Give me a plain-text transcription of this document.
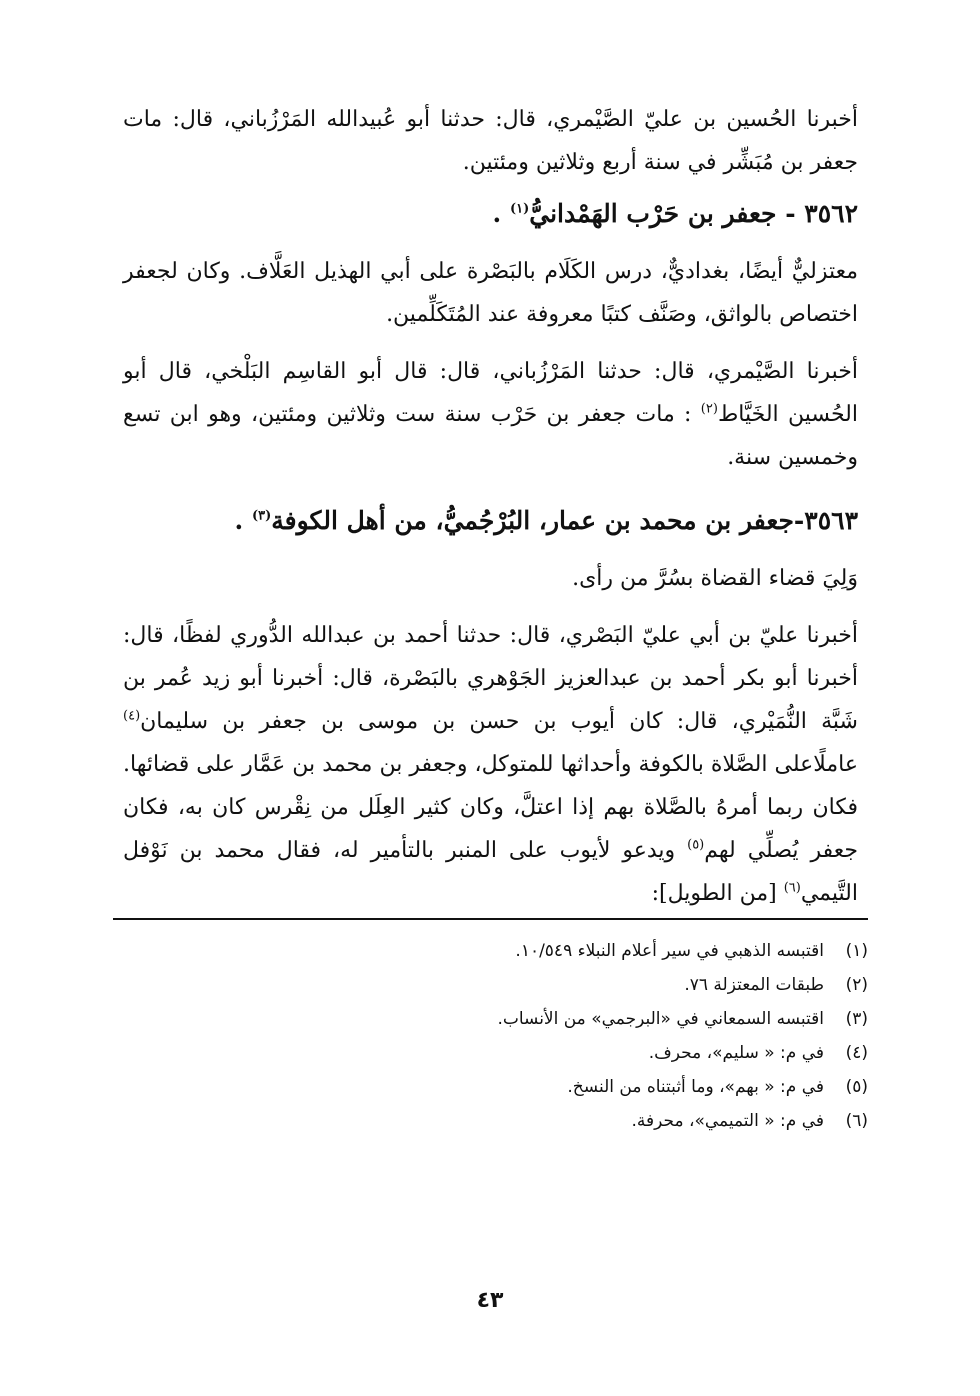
أخبرنا الحُسين بن عليّ الصَّيْمري، قال: حدثنا أبو عُبيدالله المَرْزُباني، قال: مات جعفر بن مُبَشِّر في سنة أربع وثلاثين ومئتين.

٣٥٦٢ - جعفر بن حَرْب الهَمْدانيُّ$^{(١)}$ .

معتزليٌّ أيضًا، بغداديٌّ، درس الكَلَام بالبَصْرة على أبي الهذيل العَلَّاف. وكان لجعفر اختصاص بالواثق، وصَنَّف كتبًا معروفة عند المُتَكَلِّمين.

أخبرنا الصَّيْمري، قال: حدثنا المَرْزُباني، قال: قال أبو القاسِم البَلْخي، قال أبو الحُسين الخَيَّاط$^{(٢)}$ : مات جعفر بن حَرْب سنة ست وثلاثين ومئتين، وهو ابن تسع وخمسين سنة.

٣٥٦٣-جعفر بن محمد بن عمار، البُرْجُميُّ، من أهل الكوفة$^{(٣)}$ .

وَلِيَ قضاء القضاة بسُرَّ من رأى.

أخبرنا عليّ بن أبي عليّ البَصْري، قال: حدثنا أحمد بن عبدالله الدُّوري لفظًا، قال: أخبرنا أبو بكر أحمد بن عبدالعزيز الجَوْهري بالبَصْرة، قال: أخبرنا أبو زيد عُمر بن شَبَّة النُّمَيْري، قال: كان أيوب بن حسن بن موسى بن جعفر بن سليمان$^{(٤)}$ عاملًاعلى الصَّلاة بالكوفة وأحداثها للمتوكل، وجعفر بن محمد بن عَمَّار على قضائها. فكان ربما أمرهُ بالصَّلاة بهم إذا اعتلَّ، وكان كثير العِلَل من نِقْرس كان به، فكان جعفر يُصلِّي لهم$^{(٥)}$ ويدعو لأيوب على المنبر بالتأمير له، فقال محمد بن نَوْفل التَّيمي$^{(٦)}$ [من الطويل]:

(١)
اقتبسه الذهبي في سير أعلام النبلاء ١٠/٥٤٩.
(٢)
طبقات المعتزلة ٧٦.
(٣)
اقتبسه السمعاني في «البرجمي» من الأنساب.
(٤)
في م: « سليم»، محرف.
(٥)
في م: « بهم»، وما أثبتناه من النسخ.
(٦)
في م: « التميمي»، محرفة.
٤٣
